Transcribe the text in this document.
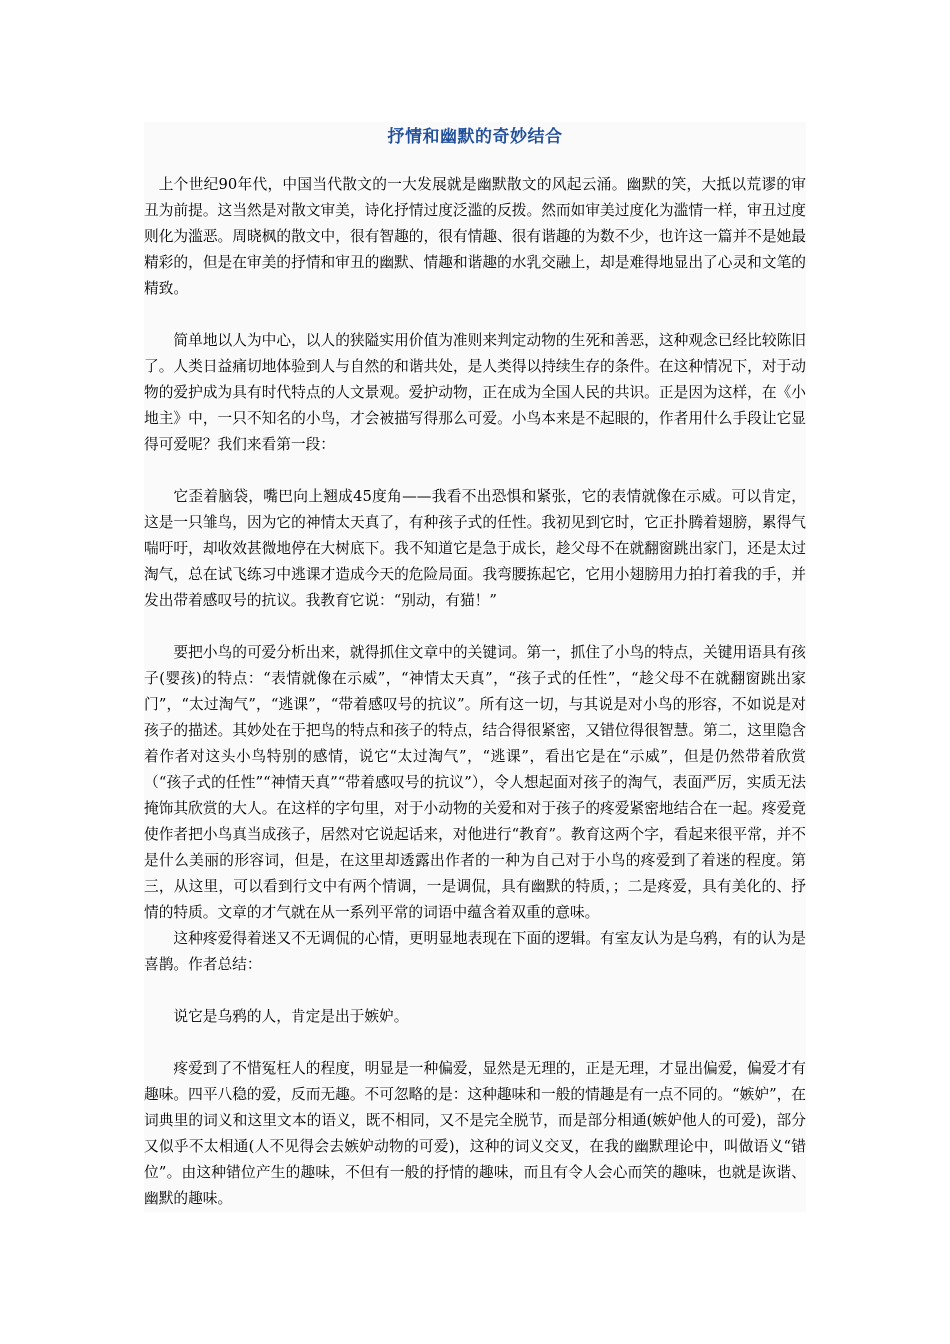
抒情和幽默的奇妙结合

上个世纪90年代，中国当代散文的一大发展就是幽默散文的风起云涌。幽默的笑，大抵以荒谬的审丑为前提。这当然是对散文审美，诗化抒情过度泛滥的反拨。然而如审美过度化为滥情一样，审丑过度则化为滥恶。周晓枫的散文中，很有智趣的，很有情趣、很有谐趣的为数不少，也许这一篇并不是她最精彩的，但是在审美的抒情和审丑的幽默、情趣和谐趣的水乳交融上，却是难得地显出了心灵和文笔的精致。

简单地以人为中心，以人的狭隘实用价值为准则来判定动物的生死和善恶，这种观念已经比较陈旧了。人类日益痛切地体验到人与自然的和谐共处，是人类得以持续生存的条件。在这种情况下，对于动物的爱护成为具有时代特点的人文景观。爱护动物，正在成为全国人民的共识。正是因为这样，在《小地主》中，一只不知名的小鸟，才会被描写得那么可爱。小鸟本来是不起眼的，作者用什么手段让它显得可爱呢？我们来看第一段：

它歪着脑袋，嘴巴向上翘成45度角——我看不出恐惧和紧张，它的表情就像在示威。可以肯定，这是一只雏鸟，因为它的神情太天真了，有种孩子式的任性。我初见到它时，它正扑腾着翅膀，累得气喘吁吁，却收效甚微地停在大树底下。我不知道它是急于成长，趁父母不在就翻窗跳出家门，还是太过淘气，总在试飞练习中逃课才造成今天的危险局面。我弯腰拣起它，它用小翅膀用力拍打着我的手，并发出带着感叹号的抗议。我教育它说：“别动，有猫！”

要把小鸟的可爱分析出来，就得抓住文章中的关键词。第一，抓住了小鸟的特点，关键用语具有孩子(婴孩)的特点：“表情就像在示威”，“神情太天真”，“孩子式的任性”，“趁父母不在就翻窗跳出家门”，“太过淘气”，“逃课”，“带着感叹号的抗议”。所有这一切，与其说是对小鸟的形容，不如说是对孩子的描述。其妙处在于把鸟的特点和孩子的特点，结合得很紧密，又错位得很智慧。第二，这里隐含着作者对这头小鸟特别的感情，说它“太过淘气”，“逃课”，看出它是在“示威”，但是仍然带着欣赏（“孩子式的任性”“神情天真”“带着感叹号的抗议”），令人想起面对孩子的淘气，表面严厉，实质无法掩饰其欣赏的大人。在这样的字句里，对于小动物的关爱和对于孩子的疼爱紧密地结合在一起。疼爱竟使作者把小鸟真当成孩子，居然对它说起话来，对他进行“教育”。教育这两个字，看起来很平常，并不是什么美丽的形容词，但是，在这里却透露出作者的一种为自己对于小鸟的疼爱到了着迷的程度。第三，从这里，可以看到行文中有两个情调，一是调侃，具有幽默的特质，；二是疼爱，具有美化的、抒情的特质。文章的才气就在从一系列平常的词语中蕴含着双重的意味。

这种疼爱得着迷又不无调侃的心情，更明显地表现在下面的逻辑。有室友认为是乌鸦，有的认为是喜鹊。作者总结：

说它是乌鸦的人，肯定是出于嫉妒。

疼爱到了不惜冤枉人的程度，明显是一种偏爱，显然是无理的，正是无理，才显出偏爱，偏爱才有趣味。四平八稳的爱，反而无趣。不可忽略的是：这种趣味和一般的情趣是有一点不同的。“嫉妒”，在词典里的词义和这里文本的语义，既不相同，又不是完全脱节，而是部分相通(嫉妒他人的可爱)，部分又似乎不太相通(人不见得会去嫉妒动物的可爱)，这种的词义交叉，在我的幽默理论中，叫做语义“错位”。由这种错位产生的趣味，不但有一般的抒情的趣味，而且有令人会心而笑的趣味，也就是诙谐、幽默的趣味。
